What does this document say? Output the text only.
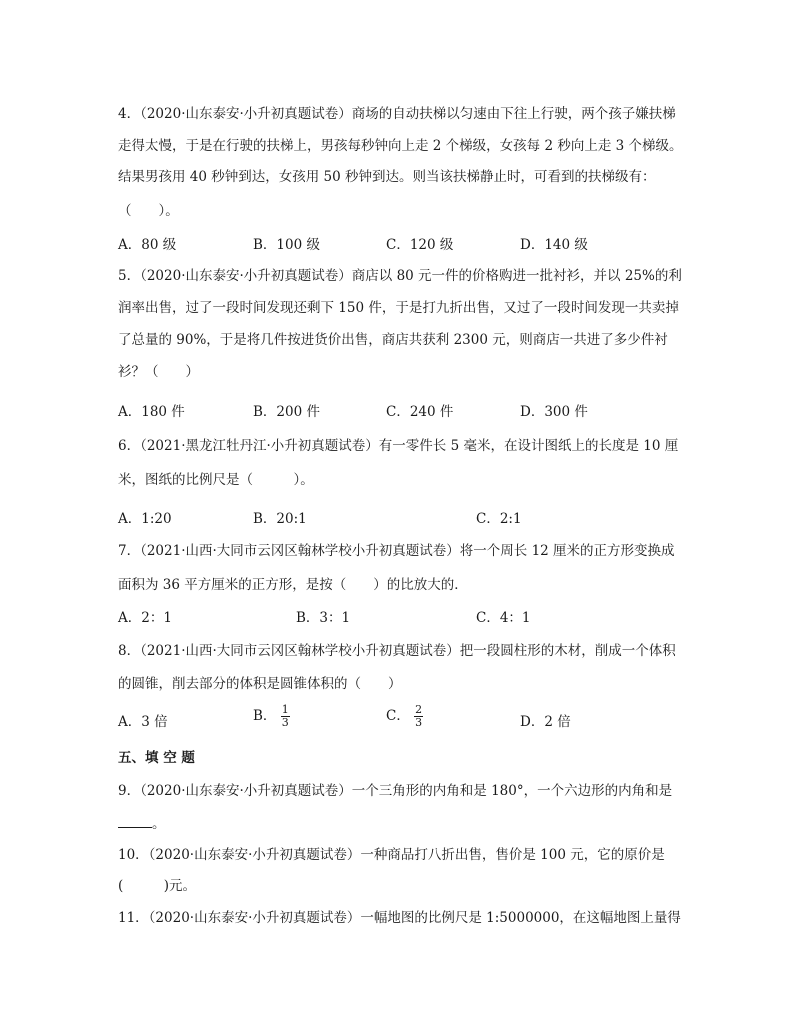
4．（2020·山东泰安·小升初真题试卷）商场的自动扶梯以匀速由下往上行驶，两个孩子嫌扶梯
走得太慢，于是在行驶的扶梯上，男孩每秒钟向上走 2 个梯级，女孩每 2 秒向上走 3 个梯级。
结果男孩用 40 秒钟到达，女孩用 50 秒钟到达。则当该扶梯静止时，可看到的扶梯级有：
（　　）。
A．80 级	B．100 级	C．120 级	D．140 级
5．（2020·山东泰安·小升初真题试卷）商店以 80 元一件的价格购进一批衬衫，并以 25%的利
润率出售，过了一段时间发现还剩下 150 件，于是打九折出售，又过了一段时间发现一共卖掉
了总量的 90%，于是将几件按进货价出售，商店共获利 2300 元，则商店一共进了多少件衬
衫？（　　）
A．180 件	B．200 件	C．240 件	D．300 件
6．（2021·黑龙江牡丹江·小升初真题试卷）有一零件长 5 毫米，在设计图纸上的长度是 10 厘
米，图纸的比例尺是（　　　）。
A．1:20	B．20:1	C．2:1
7．（2021·山西·大同市云冈区翰林学校小升初真题试卷）将一个周长 12 厘米的正方形变换成
面积为 36 平方厘米的正方形，是按（　　）的比放大的．
A．2：1	B．3：1	C．4：1
8．（2021·山西·大同市云冈区翰林学校小升初真题试卷）把一段圆柱形的木材，削成一个体积
的圆锥，削去部分的体积是圆锥体积的（　　）
A．3 倍	B． $\frac{1}{3}$	C． $\frac{2}{3}$	D．2 倍
五、填 空 题
9．（2020·山东泰安·小升初真题试卷）一个三角形的内角和是 180°，一个六边形的内角和是
。
10．（2020·山东泰安·小升初真题试卷）一种商品打八折出售，售价是 100 元，它的原价是
(　　　)元。
11．（2020·山东泰安·小升初真题试卷）一幅地图的比例尺是 1:5000000，在这幅地图上量得
